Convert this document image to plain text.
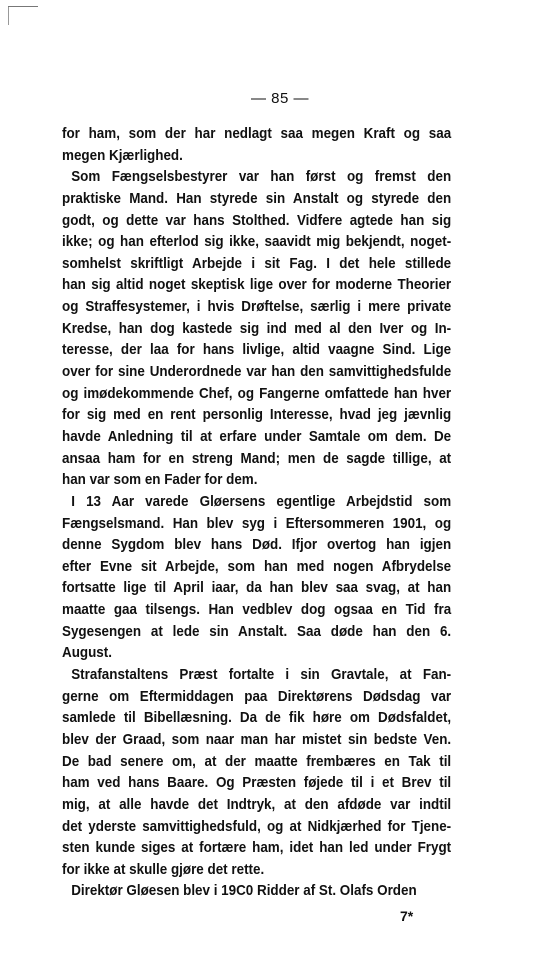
— 85 —
for ham, som der har nedlagt saa megen Kraft og saa
megen Kjærlighed.
Som Fængselsbestyrer var han først og fremst den
praktiske Mand. Han styrede sin Anstalt og styrede den
godt, og dette var hans Stolthed. Vidfere agtede han sig
ikke; og han efterlod sig ikke, saavidt mig bekjendt, noget-
somhelst skriftligt Arbejde i sit Fag. I det hele stillede
han sig altid noget skeptisk lige over for moderne Theorier
og Straffesystemer, i hvis Drøftelse, særlig i mere private
Kredse, han dog kastede sig ind med al den Iver og In-
teresse, der laa for hans livlige, altid vaagne Sind. Lige
over for sine Underordnede var han den samvittighedsfulde
og imødekommende Chef, og Fangerne omfattede han hver
for sig med en rent personlig Interesse, hvad jeg jævnlig
havde Anledning til at erfare under Samtale om dem. De
ansaa ham for en streng Mand; men de sagde tillige, at
han var som en Fader for dem.
I 13 Aar varede Gløersens egentlige Arbejdstid som
Fængselsmand. Han blev syg i Eftersommeren 1901, og
denne Sygdom blev hans Død. Ifjor overtog han igjen
efter Evne sit Arbejde, som han med nogen Afbrydelse
fortsatte lige til April iaar, da han blev saa svag, at han
maatte gaa tilsengs. Han vedblev dog ogsaa en Tid fra
Sygesengen at lede sin Anstalt. Saa døde han den 6.
August.
Strafanstaltens Præst fortalte i sin Gravtale, at Fan-
gerne om Eftermiddagen paa Direktørens Dødsdag var
samlede til Bibellæsning. Da de fik høre om Dødsfaldet,
blev der Graad, som naar man har mistet sin bedste Ven.
De bad senere om, at der maatte frembæres en Tak til
ham ved hans Baare. Og Præsten føjede til i et Brev til
mig, at alle havde det Indtryk, at den afdøde var indtil
det yderste samvittighedsfuld, og at Nidkjærhed for Tjene-
sten kunde siges at fortære ham, idet han led under Frygt
for ikke at skulle gjøre det rette.
Direktør Gløesen blev i 19C0 Ridder af St. Olafs Orden
7*
